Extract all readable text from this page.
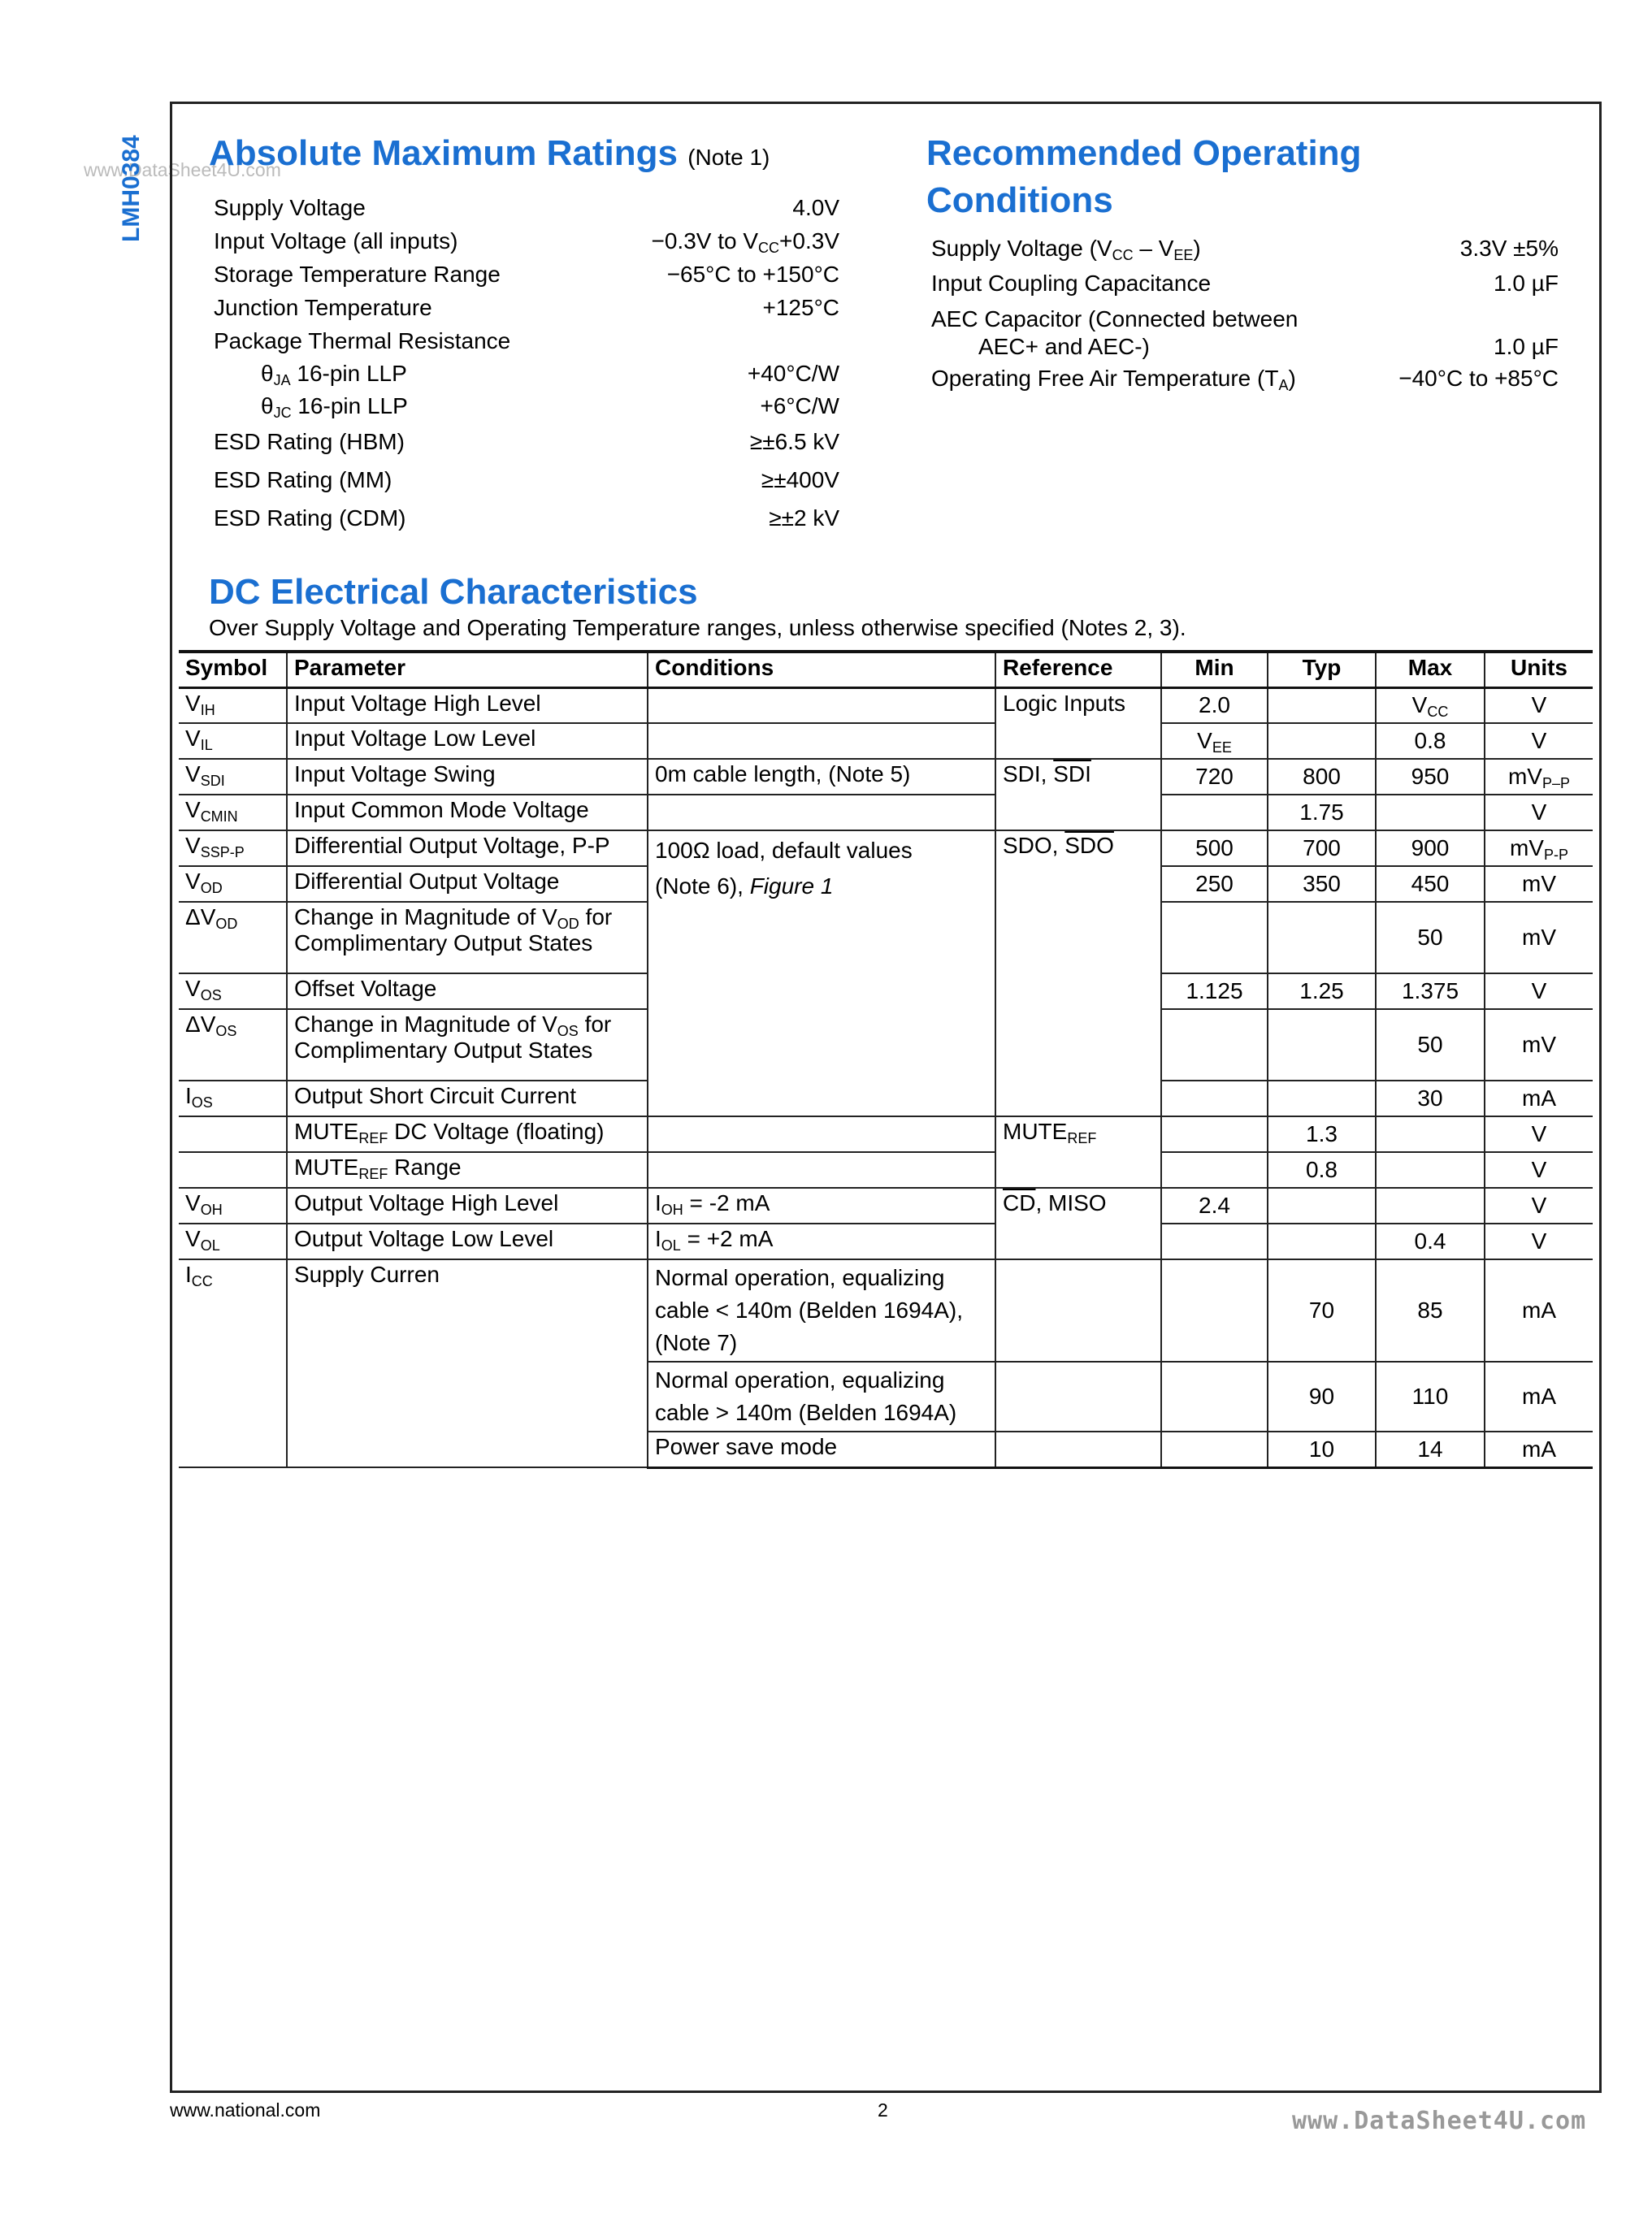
www.DataSheet4U.com
LMH0384 Absolute Maximum Ratings (Note 1)
Supply Voltage	4.0V
Input Voltage (all inputs)	−0.3V to $V_{CC}+0.3V$
Storage Temperature Range	−65°C to +150°C
Junction Temperature	+125°C
Package Thermal Resistance
$\theta_{JA}$ 16-pin LLP	+40°C/W
$\theta_{JC}$ 16-pin LLP	+6°C/W
ESD Rating (HBM)	≥±6.5 kV
ESD Rating (MM)	≥±400V
ESD Rating (CDM)	≥±2 kV
Recommended Operating
Conditions
Supply Voltage $(V_{CC} - V_{EE})$	3.3V ±5%
Input Coupling Capacitance	1.0 µF
AEC Capacitor (Connected between
AEC+ and AEC-)	1.0 µF
Operating Free Air Temperature $(T_A)$	−40°C to +85°C
DC Electrical Characteristics
Over Supply Voltage and Operating Temperature ranges, unless otherwise specified (Notes 2, 3).
Symbol	Parameter	Conditions	Reference	Min	Typ	Max	Units
$V_{IH}$	Input Voltage High Level		Logic Inputs	2.0		$V_{CC}$	V
$V_{IL}$	Input Voltage Low Level			$V_{EE}$		0.8	V
$V_{SDI}$	Input Voltage Swing	0m cable length, (Note 5)	SDI, $\overline{SDI}$	720	800	950	$mV_{P-P}$
$V_{CMIN}$	Input Common Mode Voltage				1.75		V
$V_{SSP-P}$	Differential Output Voltage, P-P	100Ω load, default values
(Note 6), Figure 1	SDO, $\overline{SDO}$	500	700	900	$mV_{P-P}$
$V_{OD}$	Differential Output Voltage			250	350	450	mV
$\Delta V_{OD}$	Change in Magnitude of $V_{OD}$ for
Complimentary Output States					50	mV
$V_{OS}$	Offset Voltage			1.125	1.25	1.375	V
$\Delta V_{OS}$	Change in Magnitude of $V_{OS}$ for
Complimentary Output States					50	mV
$I_{OS}$	Output Short Circuit Current					30	mA
	$MUTE_{REF}$ DC Voltage (floating)		$MUTE_{REF}$		1.3		V
	$MUTE_{REF}$ Range				0.8		V
$V_{OH}$	Output Voltage High Level	$I_{OH} = -2$ mA	$\overline{CD}$, MISO	2.4			V
$V_{OL}$	Output Voltage Low Level	$I_{OL} = +2$ mA				0.4	V
$I_{CC}$	Supply Curren	Normal operation, equalizing
cable < 140m (Belden 1694A),
(Note 7)			70	85	mA
		Normal operation, equalizing
cable > 140m (Belden 1694A)			90	110	mA
		Power save mode			10	14	mA
www.national.com	2	www.DataSheet4U.com
